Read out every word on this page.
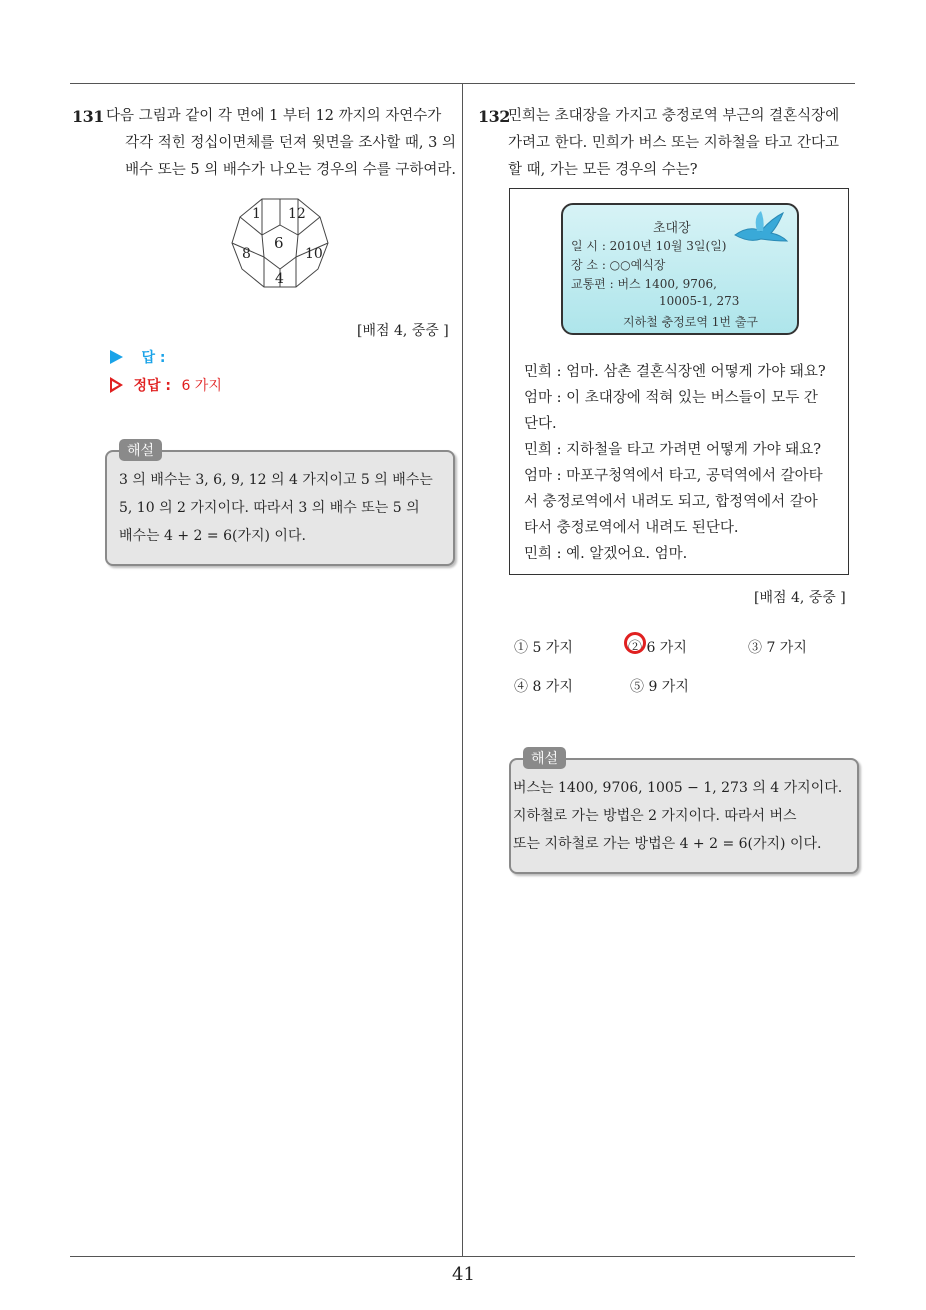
131 다음 그림과 같이 각 면에 1 부터 12 까지의 자연수가
각각 적힌 정십이면체를 던져 윗면을 조사할 때, 3 의
배수 또는 5 의 배수가 나오는 경우의 수를 구하여라.
1 12
6
8	10
4
[배점 4, 중중 ]
답 :
정답 : 6 가지
해설
3 의 배수는 3, 6, 9, 12 의 4 가지이고 5 의 배수는
5, 10 의 2 가지이다. 따라서 3 의 배수 또는 5 의
배수는 4 + 2 = 6(가지) 이다.
132
민희는 초대장을 가지고 충정로역 부근의 결혼식장에
가려고 한다. 민희가 버스 또는 지하철을 타고 간다고
할 때, 가는 모든 경우의 수는?
초대장
일 시 : 2010년 10월 3일(일)
장 소 : ○○예식장
교통편 : 버스 1400, 9706,
10005-1, 273
지하철 충정로역 1번 출구
민희 : 엄마. 삼촌 결혼식장엔 어떻게 가야 돼요?
엄마 : 이 초대장에 적혀 있는 버스들이 모두 간
단다.
민희 : 지하철을 타고 가려면 어떻게 가야 돼요?
엄마 : 마포구청역에서 타고, 공덕역에서 갈아타
서 충정로역에서 내려도 되고, 합정역에서 갈아
타서 충정로역에서 내려도 된단다.
민희 : 예. 알겠어요. 엄마.
[배점 4, 중중 ]
① 5 가지	② 6 가지	③ 7 가지
④ 8 가지	⑤ 9 가지
해설
버스는 1400, 9706, 1005 − 1, 273 의 4 가지이다.
지하철로 가는 방법은 2 가지이다. 따라서 버스
또는 지하철로 가는 방법은 4 + 2 = 6(가지) 이다.
41
